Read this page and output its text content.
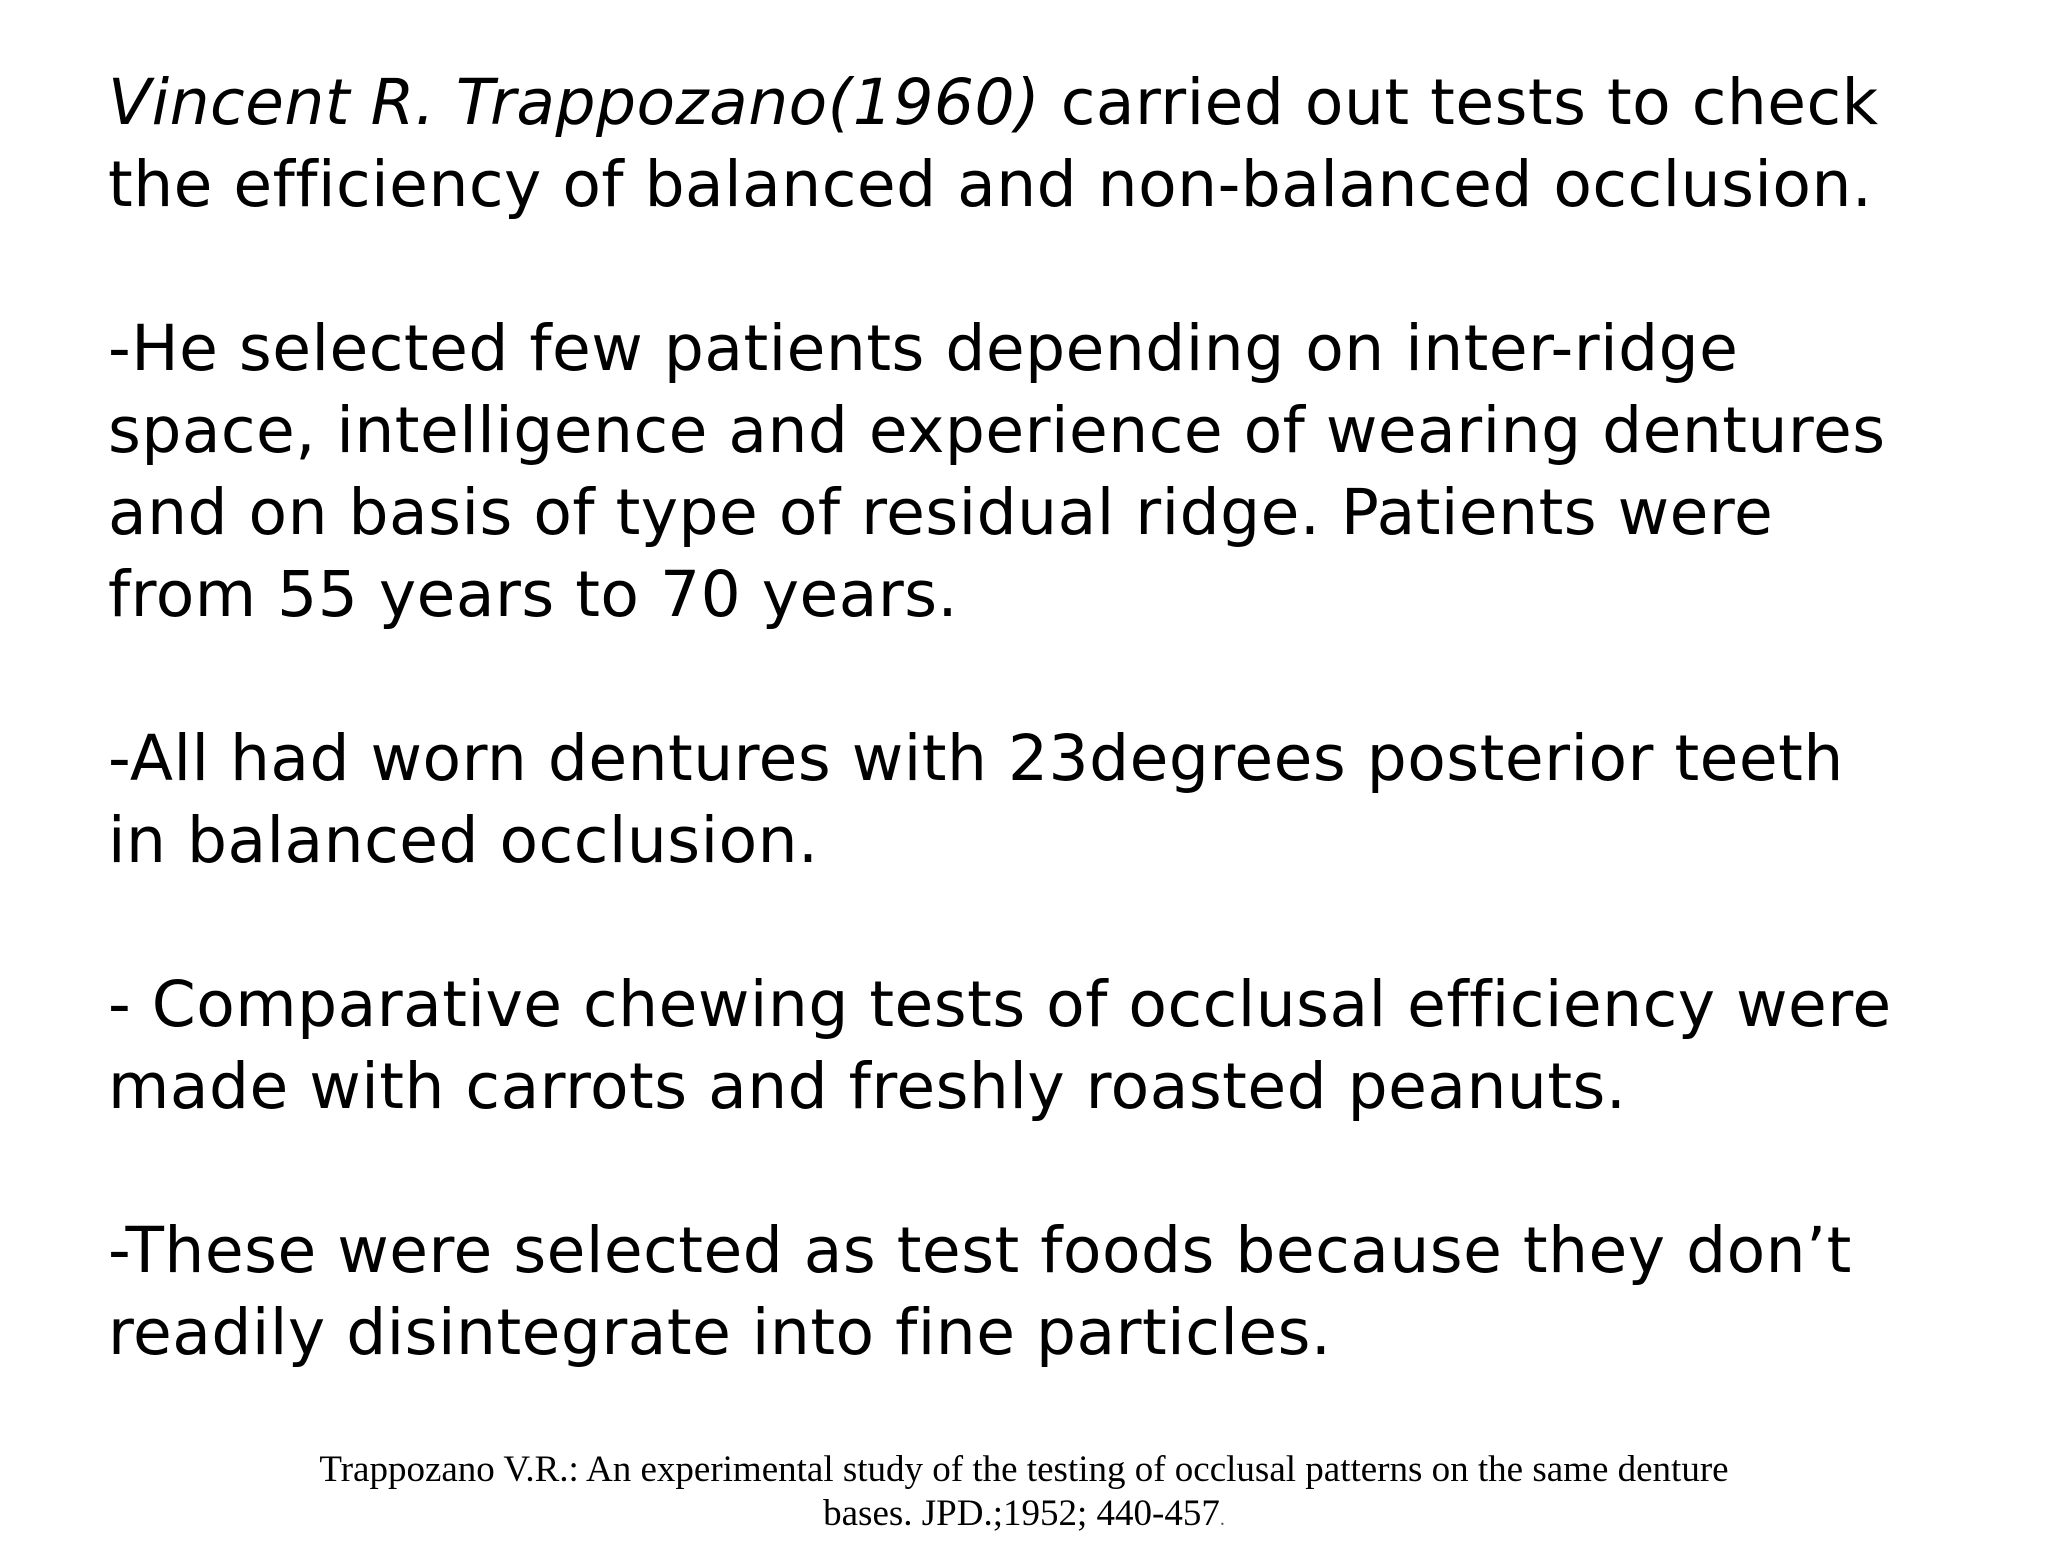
Vincent R. Trappozano(1960) carried out tests to check
the efficiency of balanced and non-balanced occlusion.

-He selected few patients depending on inter-ridge
space, intelligence and experience of wearing dentures
and on basis of type of residual ridge. Patients were
from 55 years to 70 years.

-All had worn dentures with 23degrees posterior teeth
in balanced occlusion.

- Comparative chewing tests of occlusal efficiency were
made with carrots and freshly roasted peanuts.

-These were selected as test foods because they don’t
readily disintegrate into fine particles.

Trappozano V.R.: An experimental study of the testing of occlusal patterns on the same denture
bases. JPD.;1952; 440-457.
